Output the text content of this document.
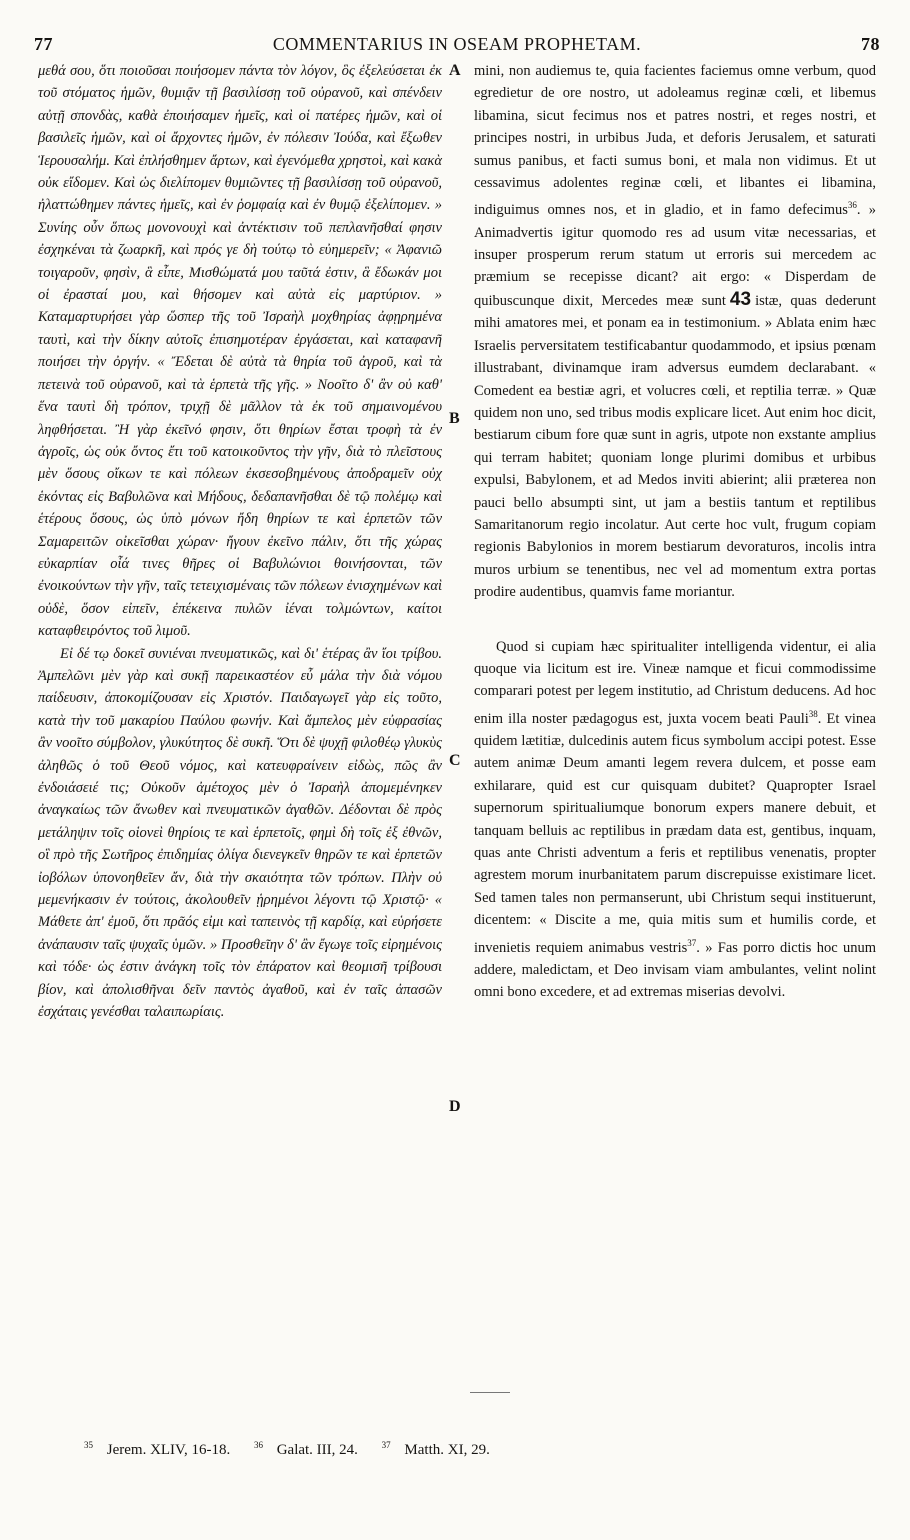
77	COMMENTARIUS IN OSEAM PROPHETAM.	78

μεθά σου, ὅτι ποιοῦσαι ποιήσομεν πάντα τὸν λόγον, ὃς ἐξελεύσεται ἐκ τοῦ στόματος ἡμῶν, θυμιᾷν τῇ βασιλίσσῃ τοῦ οὐρανοῦ, καὶ σπένδειν αὐτῇ σπονδὰς, καθὰ ἐποιήσαμεν ἡμεῖς, καὶ οἱ πατέρες ἡμῶν, καὶ οἱ βασιλεῖς ἡμῶν, καὶ οἱ ἄρχοντες ἡμῶν, ἐν πόλεσιν Ἰούδα, καὶ ἔξωθεν Ἱερουσαλήμ. Καὶ ἐπλήσθημεν ἄρτων, καὶ ἐγενόμεθα χρηστοὶ, καὶ κακὰ οὐκ εἴδομεν. Καὶ ὡς διελίπομεν θυμιῶντες τῇ βασιλίσσῃ τοῦ οὐρανοῦ, ἠλαττώθημεν πάντες ἡμεῖς, καὶ ἐν ῥομφαίᾳ καὶ ἐν θυμῷ ἐξελίπομεν. » Συνίης οὖν ὅπως μονονουχὶ καὶ ἀντέκτισιν τοῦ πεπλανῆσθαί φησιν ἐσχηκέναι τὰ ζωαρκῆ, καὶ πρός γε δὴ τούτῳ τὸ εὐημερεῖν; « Ἀφανιῶ τοιγαροῦν, φησὶν, ἃ εἶπε, Μισθώματά μου ταῦτά ἐστιν, ἃ ἔδωκάν μοι οἱ ἐρασταί μου, καὶ θήσομεν καὶ αὐτὰ εἰς μαρτύριον. » Καταμαρτυρήσει γὰρ ὥσπερ τῆς τοῦ Ἰσραὴλ μοχθηρίας ἀφῃρημένα ταυτὶ, καὶ τὴν δίκην αὐτοῖς ἐπισημοτέραν ἐργάσεται, καὶ καταφανῆ ποιήσει τὴν ὀργήν. « Ἔδεται δὲ αὐτὰ τὰ θηρία τοῦ ἀγροῦ, καὶ τὰ πετεινὰ τοῦ οὐρανοῦ, καὶ τὰ ἑρπετὰ τῆς γῆς. » Νοοῖτο δ' ἂν οὐ καθ' ἕνα ταυτὶ δὴ τρόπον, τριχῇ δὲ μᾶλλον τὰ ἐκ τοῦ σημαινομένου ληφθήσεται. Ἢ γὰρ ἐκεῖνό φησιν, ὅτι θηρίων ἔσται τροφὴ τὰ ἐν ἀγροῖς, ὡς οὐκ ὄντος ἔτι τοῦ κατοικοῦντος τὴν γῆν, διὰ τὸ πλεῖστους μὲν ὅσους οἴκων τε καὶ πόλεων ἐκσεσοβημένους ἀποδραμεῖν οὐχ ἑκόντας εἰς Βαβυλῶνα καὶ Μήδους, δεδαπανῆσθαι δὲ τῷ πολέμῳ καὶ ἑτέρους ὅσους, ὡς ὑπὸ μόνων ἤδη θηρίων τε καὶ ἑρπετῶν τῶν Σαμαρειτῶν οἰκεῖσθαι χώραν· ἤγουν ἐκεῖνο πάλιν, ὅτι τῆς χώρας εὐκαρπίαν οἷά τινες θῆρες οἱ Βαβυλώνιοι θοινήσονται, τῶν ἐνοικούντων τὴν γῆν, ταῖς τετειχισμέναις τῶν πόλεων ἐνισχημένων καὶ οὐδὲ, ὅσον εἰπεῖν, ἐπέκεινα πυλῶν ἰέναι τολμώντων, καίτοι καταφθειρόντος τοῦ λιμοῦ.

Εἰ δέ τῳ δοκεῖ συνιέναι πνευματικῶς, καὶ δι' ἑτέρας ἂν ἴοι τρίβου. Ἀμπελῶνι μὲν γὰρ καὶ συκῇ παρεικαστέον εὖ μάλα τὴν διὰ νόμου παίδευσιν, ἀποκομίζουσαν εἰς Χριστόν. Παιδαγωγεῖ γὰρ εἰς τοῦτο, κατὰ τὴν τοῦ μακαρίου Παύλου φωνήν. Καὶ ἄμπελος μὲν εὐφρασίας ἂν νοοῖτο σύμβολον, γλυκύτητος δὲ συκῆ. Ὅτι δὲ ψυχῇ φιλοθέῳ γλυκὺς ἀληθῶς ὁ τοῦ Θεοῦ νόμος, καὶ κατευφραίνειν εἰδὼς, πῶς ἂν ἐνδοιάσειέ τις; Οὐκοῦν ἀμέτοχος μὲν ὁ Ἰσραὴλ ἀπομεμένηκεν ἀναγκαίως τῶν ἄνωθεν καὶ πνευματικῶν ἀγαθῶν. Δέδονται δὲ πρὸς μετάληψιν τοῖς οἱονεὶ θηρίοις τε καὶ ἑρπετοῖς, φημὶ δὴ τοῖς ἐξ ἐθνῶν, οἳ πρὸ τῆς Σωτῆρος ἐπιδημίας ὀλίγα διενεγκεῖν θηρῶν τε καὶ ἑρπετῶν ἰοβόλων ὑπονοηθεῖεν ἄν, διὰ τὴν σκαιότητα τῶν τρόπων. Πλὴν οὐ μεμενήκασιν ἐν τούτοις, ἀκολουθεῖν ᾑρημένοι λέγοντι τῷ Χριστῷ· « Μάθετε ἀπ' ἐμοῦ, ὅτι πρᾶός εἰμι καὶ ταπεινὸς τῇ καρδίᾳ, καὶ εὑρήσετε ἀνάπαυσιν ταῖς ψυχαῖς ὑμῶν. » Προσθεῖην δ' ἂν ἔγωγε τοῖς εἰρημένοις καὶ τόδε· ὡς ἐστιν ἀνάγκη τοῖς τὸν ἐπάρατον καὶ θεομισῆ τρίβουσι βίον, καὶ ἀπολισθῆναι δεῖν παντὸς ἀγαθοῦ, καὶ ἐν ταῖς ἀπασῶν ἐσχάταις γενέσθαι ταλαιπωρίαις.

A
B
C
D

mini, non audiemus te, quia facientes faciemus omne verbum, quod egredietur de ore nostro, ut adoleamus reginæ cœli, et libemus libamina, sicut fecimus nos et patres nostri, et reges nostri, et principes nostri, in urbibus Juda, et deforis Jerusalem, et saturati sumus panibus, et facti sumus boni, et mala non vidimus. Et ut cessavimus adolentes reginæ cœli, et libantes ei libamina, indiguimus omnes nos, et in gladio, et in famo defecimus$^{36}$. » Animadvertis igitur quomodo res ad usum vitæ necessarias, et insuper prosperum rerum statum ut erroris sui mercedem ac præmium se recepisse dicant? ait ergo: « Disperdam de quibuscunque dixit, Mercedes meæ sunt 43 istæ, quas dederunt mihi amatores mei, et ponam ea in testimonium. » Ablata enim hæc Israelis perversitatem testificabantur quodammodo, et ipsius pœnam illustrabant, divinamque iram adversus eumdem declarabant. « Comedent ea bestiæ agri, et volucres cœli, et reptilia terræ. » Quæ quidem non uno, sed tribus modis explicare licet. Aut enim hoc dicit, bestiarum cibum fore quæ sunt in agris, utpote non exstante amplius qui terram habitet; quoniam longe plurimi domibus et urbibus expulsi, Babylonem, et ad Medos inviti abierint; alii præterea non pauci bello absumpti sint, ut jam a bestiis tantum et reptilibus Samaritanorum regio incolatur. Aut certe hoc vult, frugum copiam regionis Babylonios in morem bestiarum devoraturos, incolis intra muros urbium se tenentibus, nec vel ad momentum extra portas prodire audentibus, quamvis fame moriantur.

Quod si cupiam hæc spiritualiter intelligenda videntur, ei alia quoque via licitum est ire. Vineæ namque et ficui commodissime comparari potest per legem institutio, ad Christum deducens. Ad hoc enim illa noster pædagogus est, juxta vocem beati Pauli$^{38}$. Et vinea quidem lætitiæ, dulcedinis autem ficus symbolum accipi potest. Esse autem animæ Deum amanti legem revera dulcem, et posse eam exhilarare, quid est cur quisquam dubitet? Quapropter Israel supernorum spiritualiumque bonorum expers manere debuit, et tanquam belluis ac reptilibus in prædam data est, gentibus, inquam, quas ante Christi adventum a feris et reptilibus venenatis, propter agrestem morum inurbanitatem parum discrepuisse existimare licet. Sed tamen tales non permanserunt, ubi Christum sequi instituerunt, dicentem: « Discite a me, quia mitis sum et humilis corde, et invenietis requiem animabus vestris$^{37}$. » Fas porro dictis hoc unum addere, maledictam, et Deo invisam viam ambulantes, velint nolint omni bono excedere, et ad extremas miserias devolvi.

$^{35}$ Jerem. XLIV, 16-18.	$^{36}$ Galat. III, 24.	$^{37}$ Matth. XI, 29.
